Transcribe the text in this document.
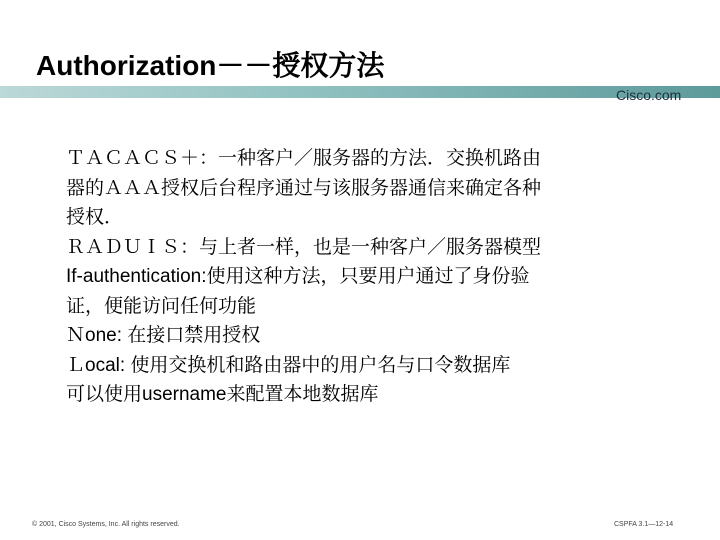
Authorization－－授权方法
Cisco.com
ＴＡＣＡＣＳ＋：一种客户／服务器的方法．交换机路由
器的ＡＡＡ授权后台程序通过与该服务器通信来确定各种
授权．
ＲＡＤＵＩＳ：与上者一样，也是一种客户／服务器模型
If-authentication:使用这种方法，只要用户通过了身份验
证，便能访问任何功能
Ｎone: 在接口禁用授权
Ｌocal: 使用交换机和路由器中的用户名与口令数据库
可以使用username来配置本地数据库
© 2001, Cisco Systems, Inc. All rights reserved.	CSPFA 3.1—12-14
